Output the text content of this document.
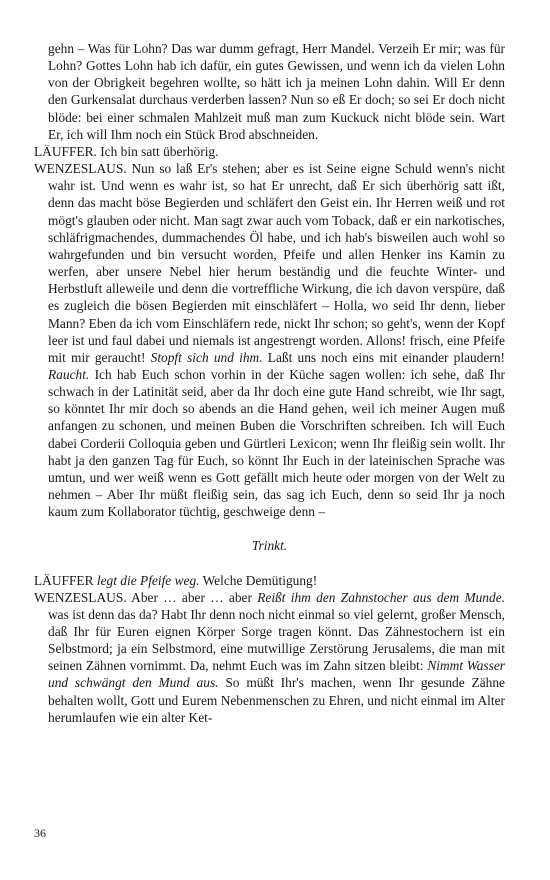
gehn – Was für Lohn? Das war dumm gefragt, Herr Mandel. Verzeih Er mir; was für Lohn? Gottes Lohn hab ich dafür, ein gutes Gewissen, und wenn ich da vielen Lohn von der Obrigkeit begehren wollte, so hätt ich ja meinen Lohn dahin. Will Er denn den Gurkensalat durchaus verderben lassen? Nun so eß Er doch; so sei Er doch nicht blöde: bei einer schmalen Mahlzeit muß man zum Kuckuck nicht blöde sein. Wart Er, ich will Ihm noch ein Stück Brod abschneiden.

LÄUFFER. Ich bin satt überhörig.

WENZESLAUS. Nun so laß Er's stehen; aber es ist Seine eigne Schuld wenn's nicht wahr ist. Und wenn es wahr ist, so hat Er unrecht, daß Er sich überhörig satt ißt, denn das macht böse Begierden und schläfert den Geist ein. Ihr Herren weiß und rot mögt's glauben oder nicht. Man sagt zwar auch vom Toback, daß er ein narkotisches, schläfrigmachendes, dummachendes Öl habe, und ich hab's bisweilen auch wohl so wahrgefunden und bin versucht worden, Pfeife und allen Henker ins Kamin zu werfen, aber unsere Nebel hier herum beständig und die feuchte Winter- und Herbstluft alleweile und denn die vortreffliche Wirkung, die ich davon verspüre, daß es zugleich die bösen Begierden mit einschläfert – Holla, wo seid Ihr denn, lieber Mann? Eben da ich vom Einschläfern rede, nickt Ihr schon; so geht's, wenn der Kopf leer ist und faul dabei und niemals ist angestrengt worden. Allons! frisch, eine Pfeife mit mir geraucht! Stopft sich und ihm. Laßt uns noch eins mit einander plaudern! Raucht. Ich hab Euch schon vorhin in der Küche sagen wollen: ich sehe, daß Ihr schwach in der Latinität seid, aber da Ihr doch eine gute Hand schreibt, wie Ihr sagt, so könntet Ihr mir doch so abends an die Hand gehen, weil ich meiner Augen muß anfangen zu schonen, und meinen Buben die Vorschriften schreiben. Ich will Euch dabei Corderii Colloquia geben und Gürtleri Lexicon; wenn Ihr fleißig sein wollt. Ihr habt ja den ganzen Tag für Euch, so könnt Ihr Euch in der lateinischen Sprache was umtun, und wer weiß wenn es Gott gefällt mich heute oder morgen von der Welt zu nehmen – Aber Ihr müßt fleißig sein, das sag ich Euch, denn so seid Ihr ja noch kaum zum Kollaborator tüchtig, geschweige denn –

Trinkt.

LÄUFFER legt die Pfeife weg. Welche Demütigung!

WENZESLAUS. Aber … aber … aber Reißt ihm den Zahnstocher aus dem Munde. was ist denn das da? Habt Ihr denn noch nicht einmal so viel gelernt, großer Mensch, daß Ihr für Euren eignen Körper Sorge tragen könnt. Das Zähnestochern ist ein Selbstmord; ja ein Selbstmord, eine mutwillige Zerstörung Jerusalems, die man mit seinen Zähnen vornimmt. Da, nehmt Euch was im Zahn sitzen bleibt: Nimmt Wasser und schwängt den Mund aus. So müßt Ihr's machen, wenn Ihr gesunde Zähne behalten wollt, Gott und Eurem Nebenmenschen zu Ehren, und nicht einmal im Alter herumlaufen wie ein alter Ket-

36
